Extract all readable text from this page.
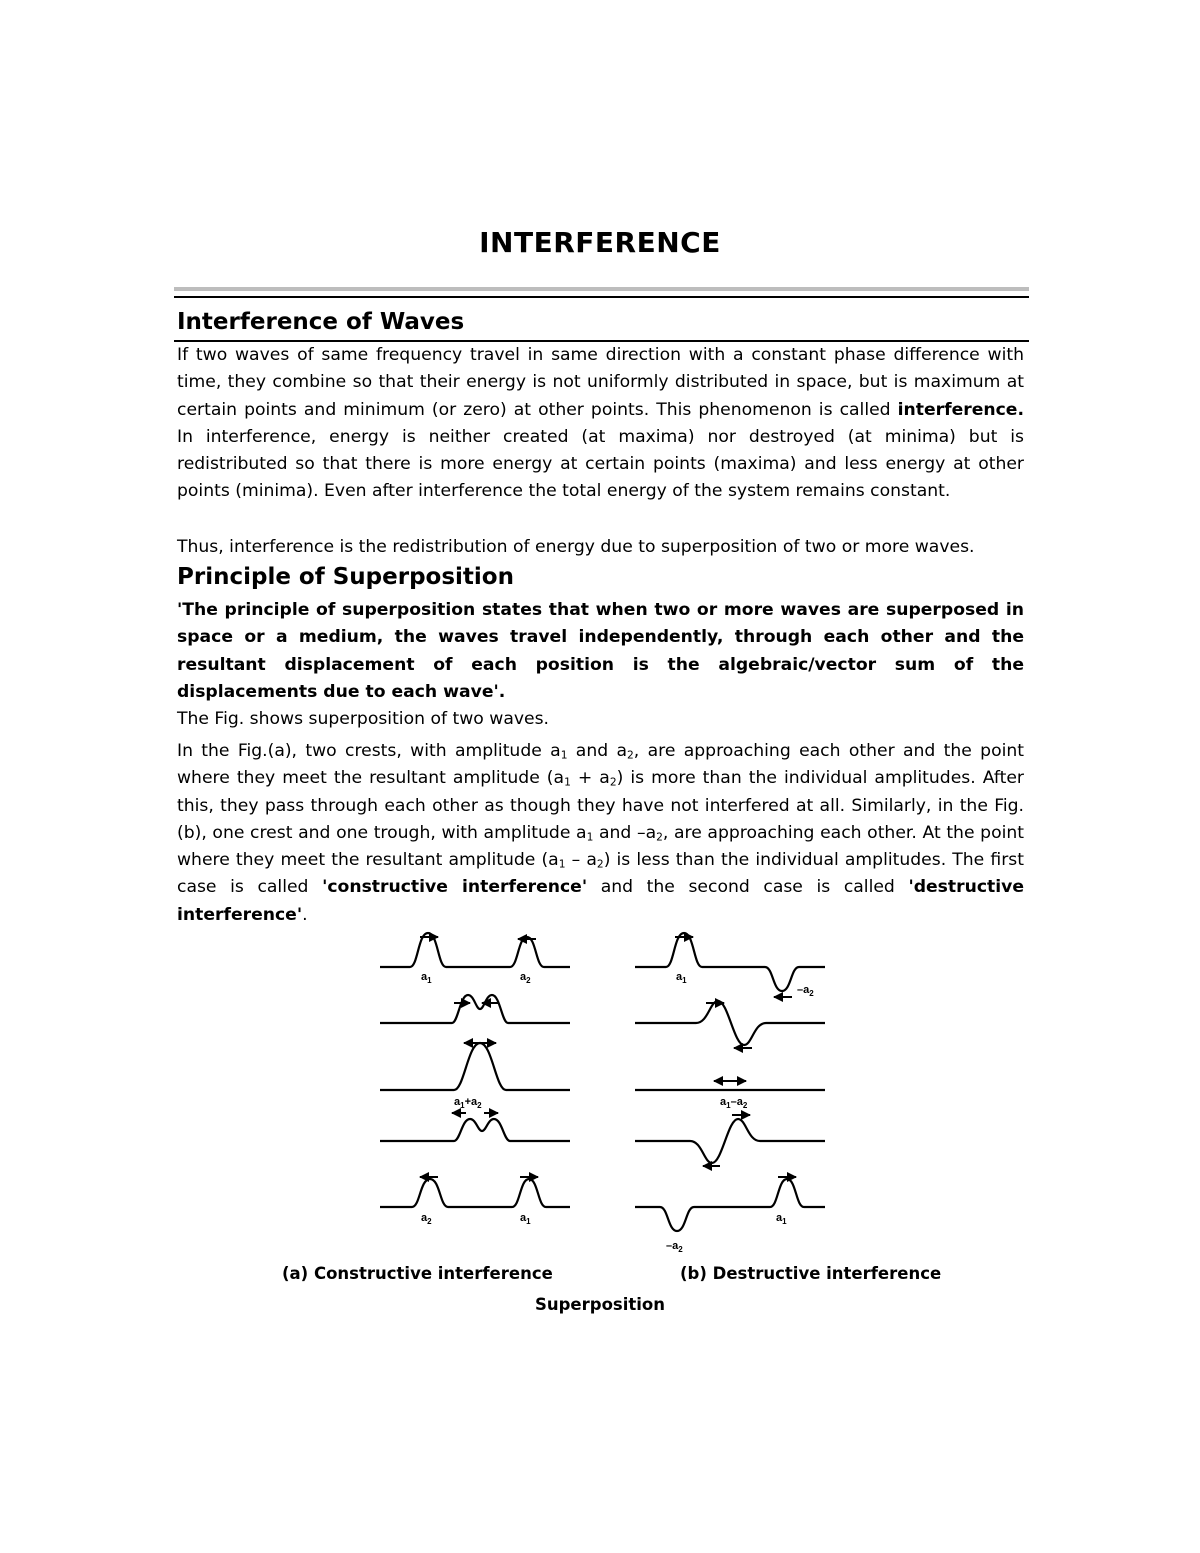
INTERFERENCE
Interference of Waves
If two waves of same frequency travel in same direction with a constant phase difference with time, they combine so that their energy is not uniformly distributed in space, but is maximum at certain points and minimum (or zero) at other points. This phenomenon is called interference. In interference, energy is neither created (at maxima) nor destroyed (at minima) but is redistributed so that there is more energy at certain points (maxima) and less energy at other points (minima). Even after interference the total energy of the system remains constant.
Thus, interference is the redistribution of energy due to superposition of two or more waves.
Principle of Superposition
'The principle of superposition states that when two or more waves are superposed in space or a medium, the waves travel independently, through each other and the resultant displacement of each position is the algebraic/vector sum of the displacements due to each wave'.
The Fig. shows superposition of two waves.
In the Fig.(a), two crests, with amplitude $a_1$ and $a_2$, are approaching each other and the point where they meet the resultant amplitude $(a_1 + a_2)$ is more than the individual amplitudes. After this, they pass through each other as though they have not interfered at all. Similarly, in the Fig. (b), one crest and one trough, with amplitude $a_1$ and $-a_2$, are approaching each other. At the point where they meet the resultant amplitude $(a_1 - a_2)$ is less than the individual amplitudes. The first case is called 'constructive interference' and the second case is called 'destructive interference'.
$a_1$	$a_2$
$a_1+a_2$
$a_2$	$a_1$
$a_1$
$-a_2$
$a_1-a_2$
$-a_2$
$a_1$
(a) Constructive interference	(b) Destructive interference
Superposition
